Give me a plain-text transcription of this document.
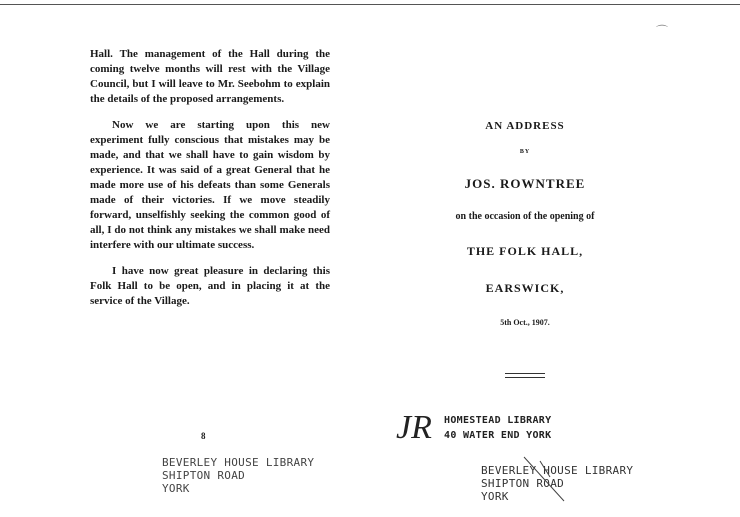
⌒

Hall. The management of the Hall during the coming twelve months will rest with the Village Council, but I will leave to Mr. Seebohm to explain the details of the proposed arrangements.

Now we are starting upon this new experiment fully conscious that mistakes may be made, and that we shall have to gain wisdom by experience. It was said of a great General that he made more use of his defeats than some Generals made of their victories. If we move steadily forward, unselfishly seeking the common good of all, I do not think any mistakes we shall make need interfere with our ultimate success.

I have now great pleasure in declaring this Folk Hall to be open, and in placing it at the service of the Village.

8
BEVERLEY HOUSE LIBRARY
SHIPTON ROAD
YORK
AN ADDRESS
BY
JOS. ROWNTREE
on the occasion of the opening of
THE FOLK HALL,
EARSWICK,
5th Oct., 1907.
JR HOMESTEAD LIBRARY
40 WATER END YORK
BEVERLEY HOUSE LIBRARY
SHIPTON ROAD
YORK
